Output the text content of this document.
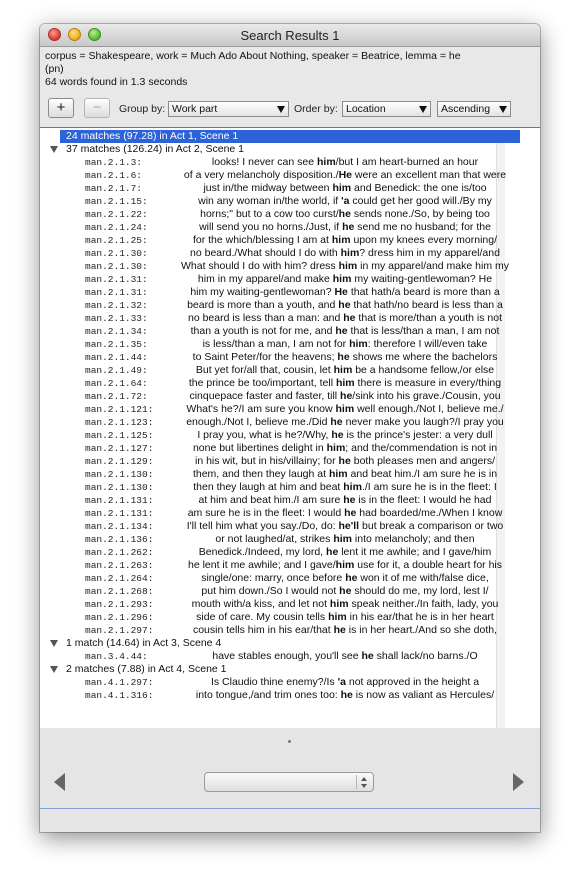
Search Results 1
corpus = Shakespeare, work = Much Ado About Nothing, speaker = Beatrice, lemma = he
(pn)
64 words found in 1.3 seconds
+	−	Group by: Work part	Order by: Location	Ascending
24 matches (97.28) in Act 1, Scene 1
37 matches (126.24) in Act 2, Scene 1
man.2.1.3:	looks! I never can see him/but I am heart-burned an hour
man.2.1.6:	of a very melancholy disposition./He were an excellent man that were
man.2.1.7:	just in/the midway between him and Benedick: the one is/too
man.2.1.15:	win any woman in/the world, if 'a could get her good will./By my
man.2.1.22:	horns;" but to a cow too curst/he sends none./So, by being too
man.2.1.24:	will send you no horns./Just, if he send me no husband; for the
man.2.1.25:	for the which/blessing I am at him upon my knees every morning/
man.2.1.30:	no beard./What should I do with him? dress him in my apparel/and
man.2.1.30:	What should I do with him? dress him in my apparel/and make him my
man.2.1.31:	him in my apparel/and make him my waiting-gentlewoman? He
man.2.1.31:	him my waiting-gentlewoman? He that hath/a beard is more than a
man.2.1.32:	beard is more than a youth, and he that hath/no beard is less than a
man.2.1.33:	no beard is less than a man: and he that is more/than a youth is not
man.2.1.34:	than a youth is not for me, and he that is less/than a man, I am not
man.2.1.35:	is less/than a man, I am not for him: therefore I will/even take
man.2.1.44:	to Saint Peter/for the heavens; he shows me where the bachelors
man.2.1.49:	But yet for/all that, cousin, let him be a handsome fellow,/or else
man.2.1.64:	the prince be too/important, tell him there is measure in every/thing
man.2.1.72:	cinquepace faster and faster, till he/sink into his grave./Cousin, you
man.2.1.121:	What's he?/I am sure you know him well enough./Not I, believe me./
man.2.1.123:	enough./Not I, believe me./Did he never make you laugh?/I pray you
man.2.1.125:	I pray you, what is he?/Why, he is the prince's jester: a very dull
man.2.1.127:	none but libertines delight in him; and the/commendation is not in
man.2.1.129:	in his wit, but in his/villainy; for he both pleases men and angers/
man.2.1.130:	them, and then they laugh at him and beat him./I am sure he is in
man.2.1.130:	then they laugh at him and beat him./I am sure he is in the fleet: I
man.2.1.131:	at him and beat him./I am sure he is in the fleet: I would he had
man.2.1.131:	am sure he is in the fleet: I would he had boarded/me./When I know
man.2.1.134:	I'll tell him what you say./Do, do: he'll but break a comparison or two
man.2.1.136:	or not laughed/at, strikes him into melancholy; and then
man.2.1.262:	Benedick./Indeed, my lord, he lent it me awhile; and I gave/him
man.2.1.263:	he lent it me awhile; and I gave/him use for it, a double heart for his
man.2.1.264:	single/one: marry, once before he won it of me with/false dice,
man.2.1.268:	put him down./So I would not he should do me, my lord, lest I/
man.2.1.293:	mouth with/a kiss, and let not him speak neither./In faith, lady, you
man.2.1.296:	side of care. My cousin tells him in his ear/that he is in her heart
man.2.1.297:	cousin tells him in his ear/that he is in her heart./And so she doth,
1 match (14.64) in Act 3, Scene 4
man.3.4.44:	have stables enough, you'll see he shall lack/no barns./O
2 matches (7.88) in Act 4, Scene 1
man.4.1.297:	Is Claudio thine enemy?/Is 'a not approved in the height a
man.4.1.316:	into tongue,/and trim ones too: he is now as valiant as Hercules/
